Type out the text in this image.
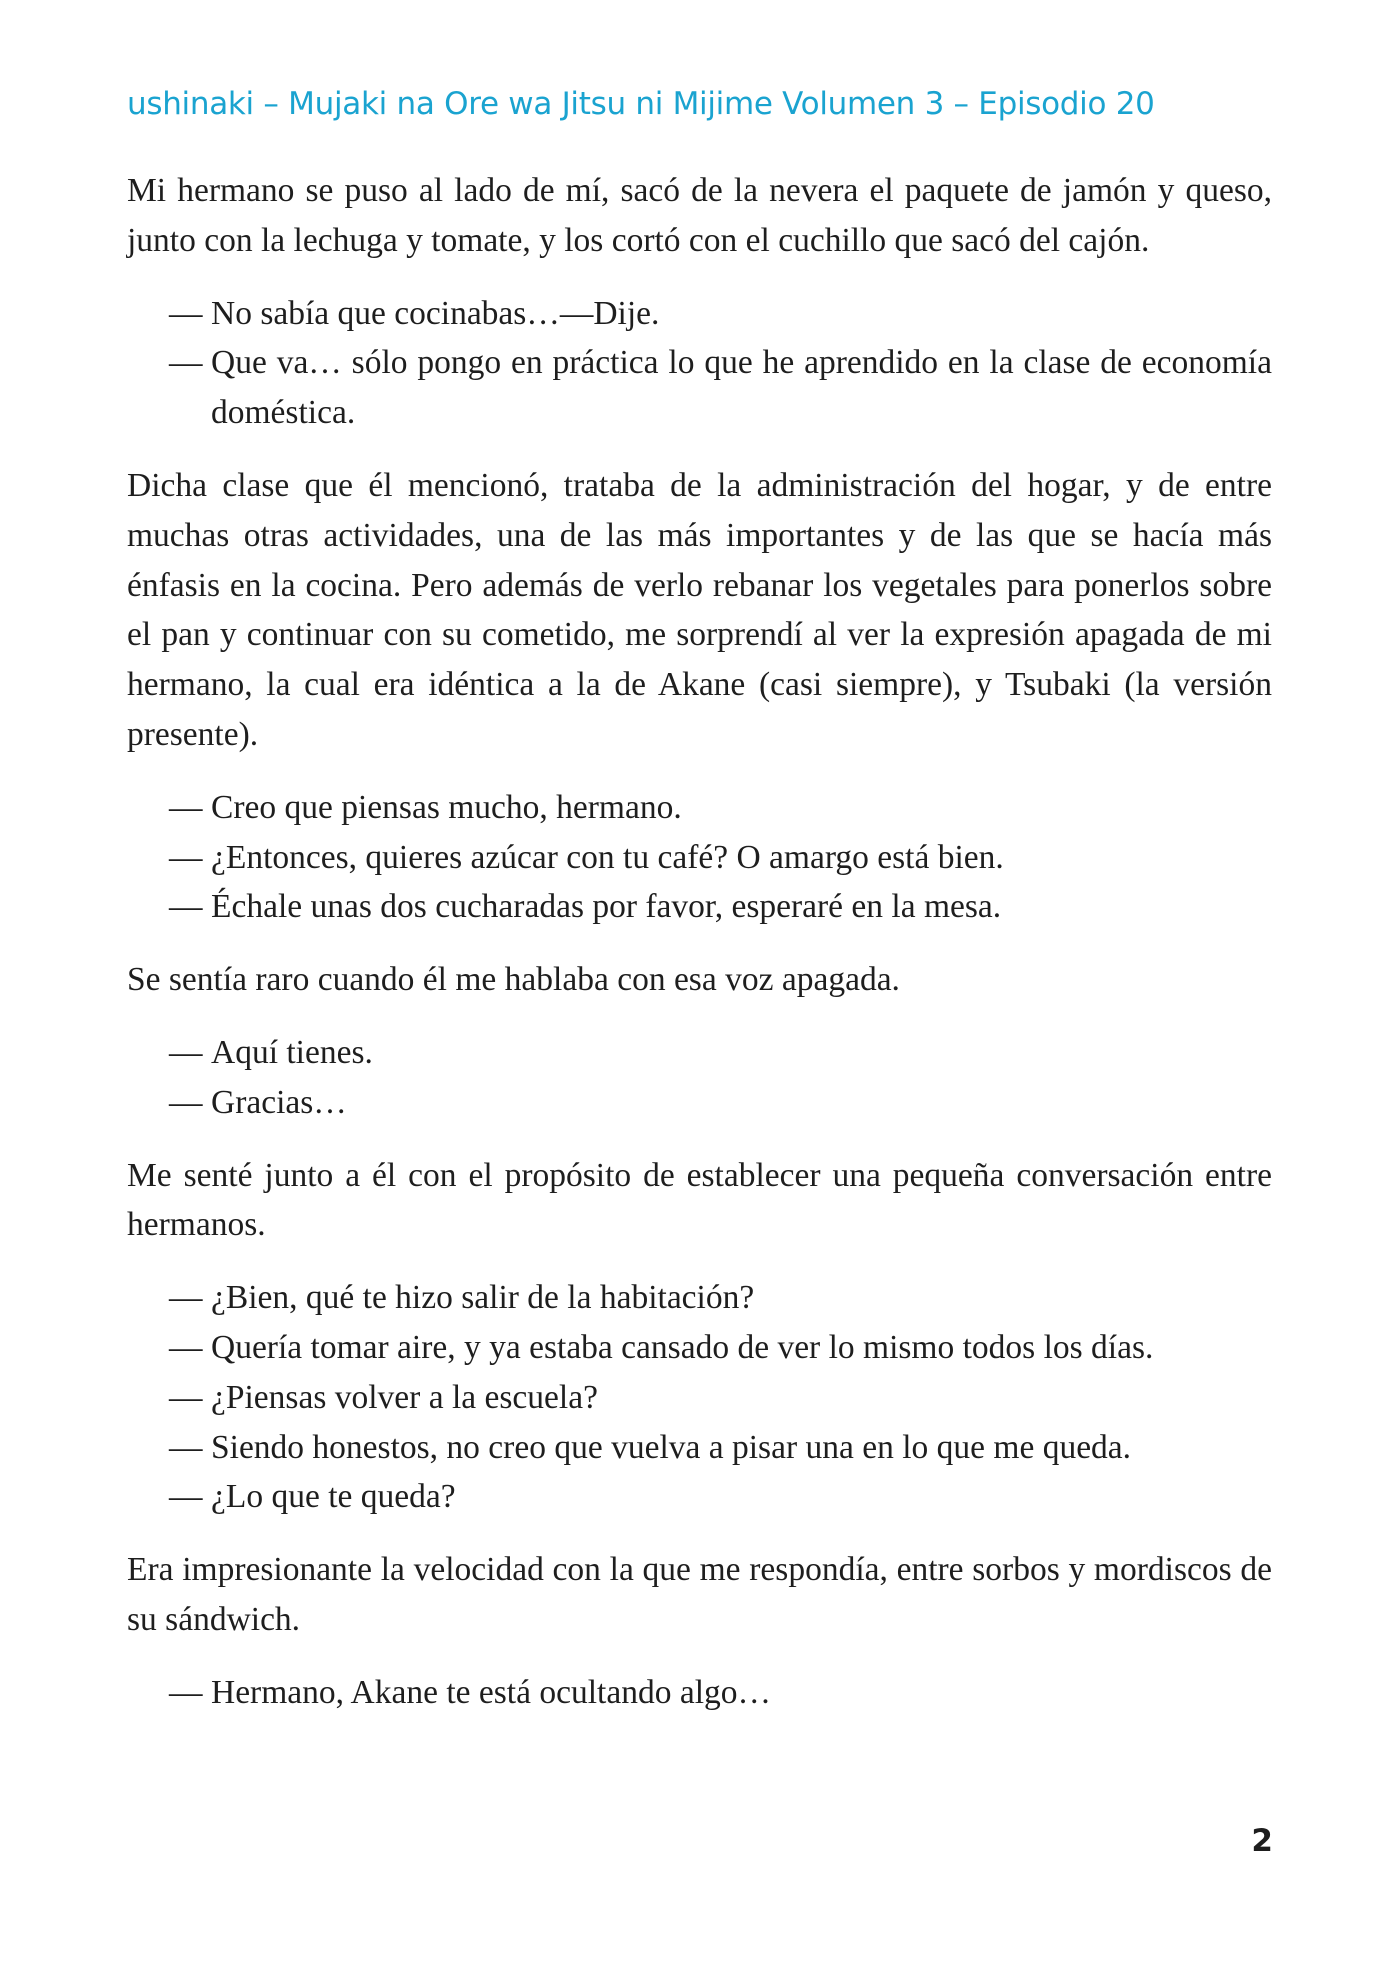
ushinaki – Mujaki na Ore wa Jitsu ni Mijime Volumen 3 – Episodio 20
Mi hermano se puso al lado de mí, sacó de la nevera el paquete de jamón y queso, junto con la lechuga y tomate, y los cortó con el cuchillo que sacó del cajón.
— No sabía que cocinabas…—Dije.
— Que va… sólo pongo en práctica lo que he aprendido en la clase de economía doméstica.
Dicha clase que él mencionó, trataba de la administración del hogar, y de entre muchas otras actividades, una de las más importantes y de las que se hacía más énfasis en la cocina. Pero además de verlo rebanar los vegetales para ponerlos sobre el pan y continuar con su cometido, me sorprendí al ver la expresión apagada de mi hermano, la cual era idéntica a la de Akane (casi siempre), y Tsubaki (la versión presente).
— Creo que piensas mucho, hermano.
— ¿Entonces, quieres azúcar con tu café? O amargo está bien.
— Échale unas dos cucharadas por favor, esperaré en la mesa.
Se sentía raro cuando él me hablaba con esa voz apagada.
— Aquí tienes.
— Gracias…
Me senté junto a él con el propósito de establecer una pequeña conversación entre hermanos.
— ¿Bien, qué te hizo salir de la habitación?
— Quería tomar aire, y ya estaba cansado de ver lo mismo todos los días.
— ¿Piensas volver a la escuela?
— Siendo honestos, no creo que vuelva a pisar una en lo que me queda.
— ¿Lo que te queda?
Era impresionante la velocidad con la que me respondía, entre sorbos y mordiscos de su sándwich.
— Hermano, Akane te está ocultando algo…
2
